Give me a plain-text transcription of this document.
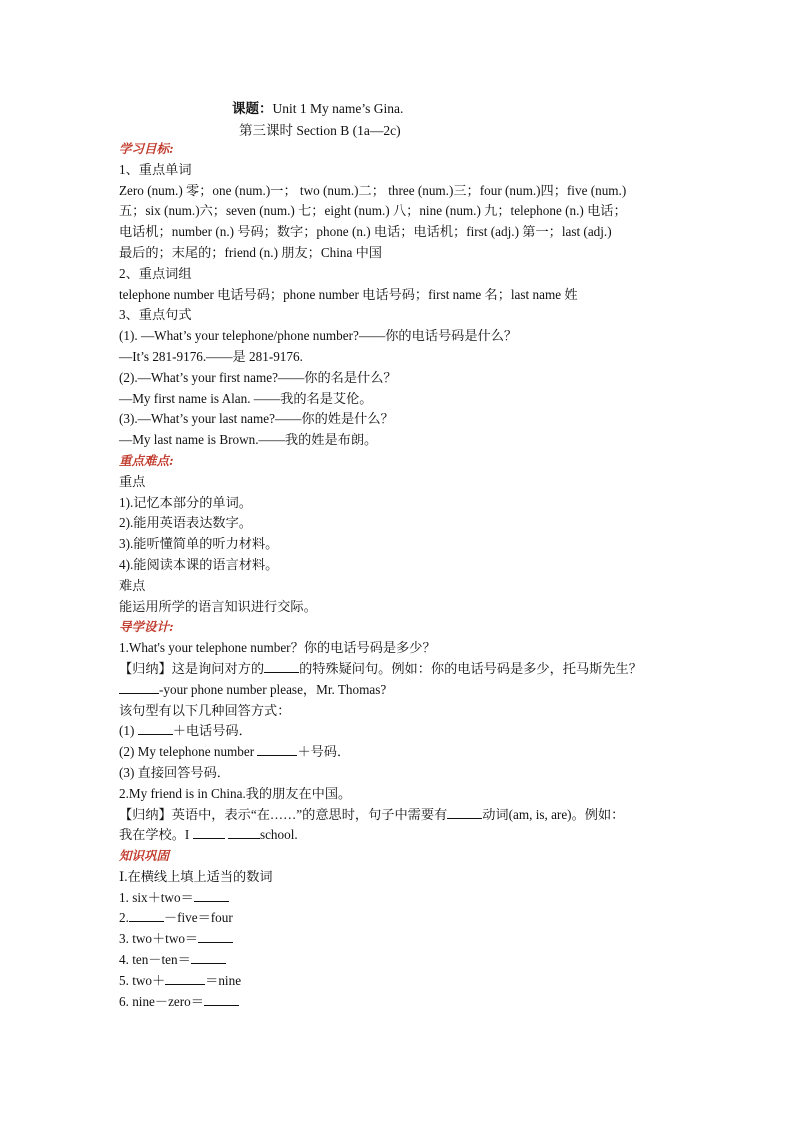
课题：Unit 1 My name’s Gina.
第三课时 Section B (1a—2c)

学习目标:

1、重点单词

Zero (num.) 零；one (num.)一； two (num.)二； three (num.)三；four (num.)四；five (num.)

五；six (num.)六；seven (num.) 七；eight (num.) 八；nine (num.) 九；telephone (n.) 电话；

电话机；number (n.) 号码；数字；phone (n.) 电话；电话机；first (adj.) 第一；last (adj.)

最后的；末尾的；friend (n.) 朋友；China 中国

2、重点词组

telephone number 电话号码；phone number 电话号码；first name 名；last name 姓

3、重点句式

(1). —What’s your telephone/phone number?——你的电话号码是什么？

—It’s 281-9176.——是 281-9176.

(2).—What’s your first name?——你的名是什么？

—My first name is Alan. ——我的名是艾伦。

(3).—What’s your last name?——你的姓是什么？

—My last name is Brown.——我的姓是布朗。

重点难点:

重点

1).记忆本部分的单词。

2).能用英语表达数字。

3).能听懂简单的听力材料。

4).能阅读本课的语言材料。

难点

能运用所学的语言知识进行交际。

导学设计:

1.What's your telephone number？你的电话号码是多少？

【归纳】这是询问对方的	的特殊疑问句。例如：你的电话号码是多少，托马斯先生？

-your phone number please，Mr. Thomas?

该句型有以下几种回答方式：

(1)	＋电话号码．

(2) My telephone number	＋号码．

(3) 直接回答号码．

2.My friend is in China.我的朋友在中国。

【归纳】英语中，表示“在……”的意思时，句子中需要有	动词(am, is, are)。例如：

我在学校。I	school.

知识巩固

Ⅰ.在横线上填上适当的数词

1. six＋two＝

2.	－five＝four

3. two＋two＝

4. ten－ten＝

5. two＋	＝nine

6. nine－zero＝
